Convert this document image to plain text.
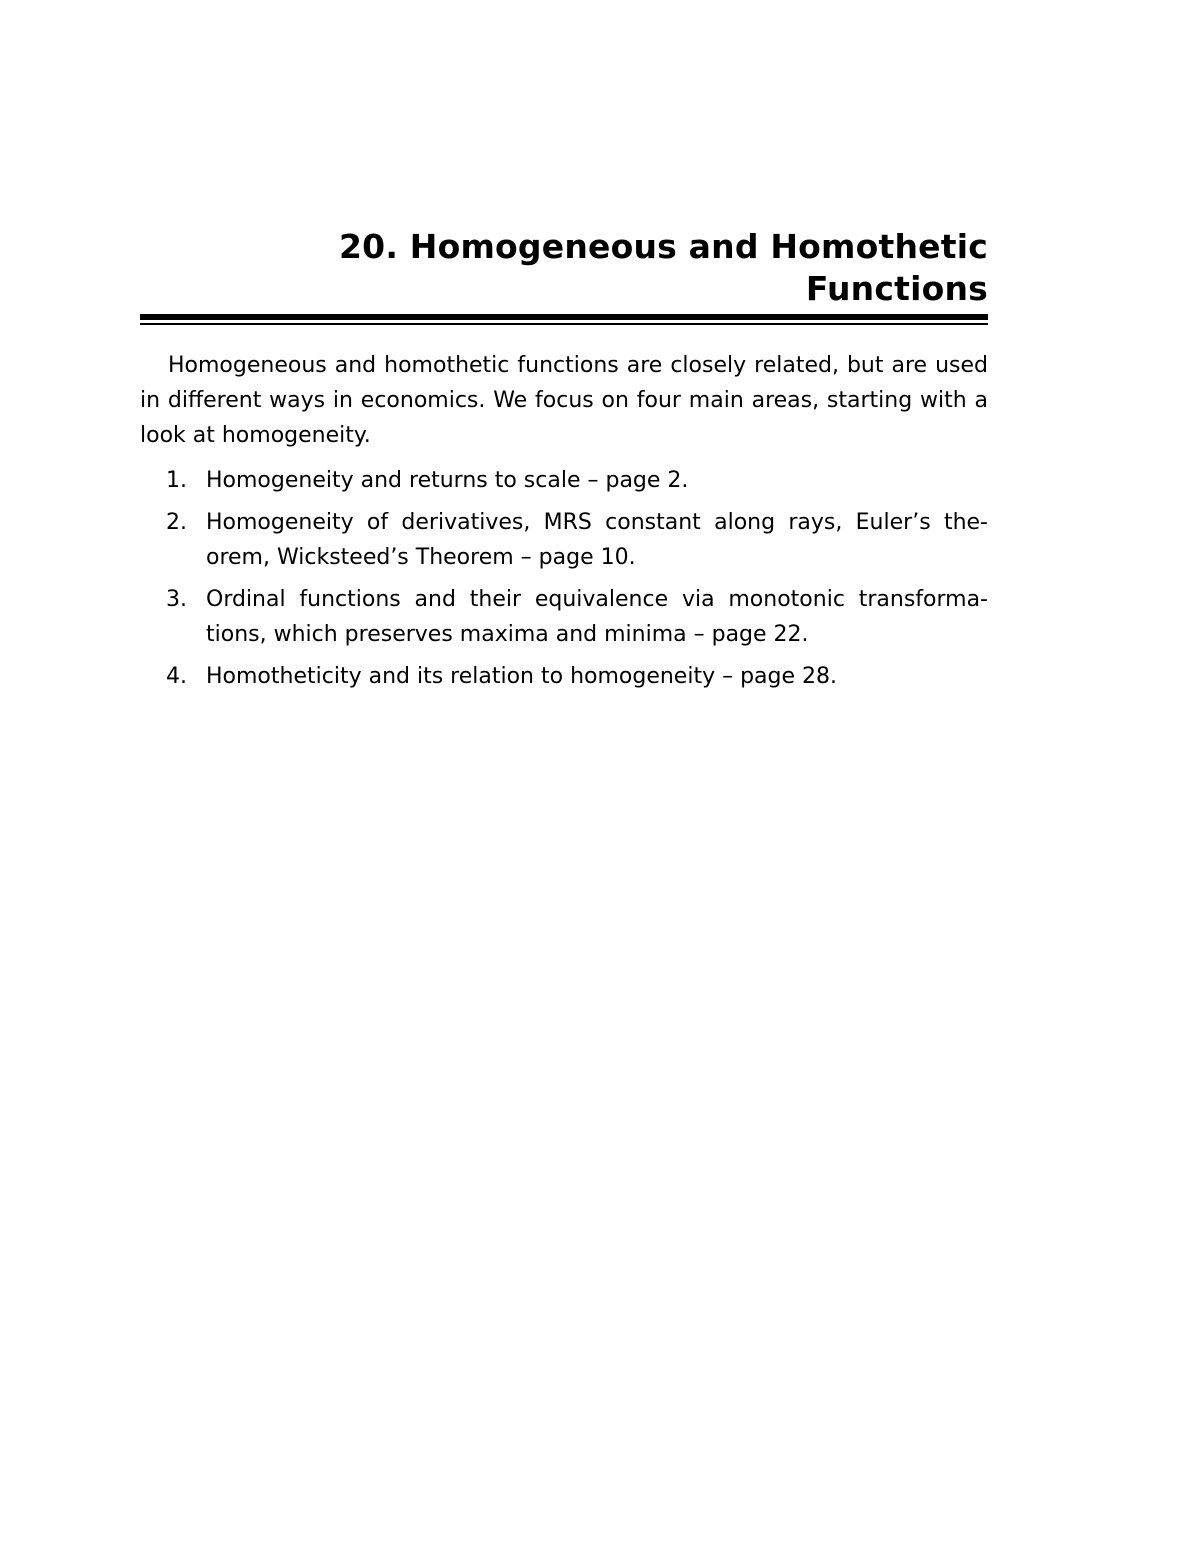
20. Homogeneous and Homothetic
Functions

Homogeneous and homothetic functions are closely related, but are used in different ways in economics. We focus on four main areas, starting with a look at homogeneity.

1. Homogeneity and returns to scale – page 2.
2. Homogeneity of derivatives, MRS constant along rays, Euler’s the-
orem, Wicksteed’s Theorem – page 10.
3. Ordinal functions and their equivalence via monotonic transforma-
tions, which preserves maxima and minima – page 22.
4. Homotheticity and its relation to homogeneity – page 28.
